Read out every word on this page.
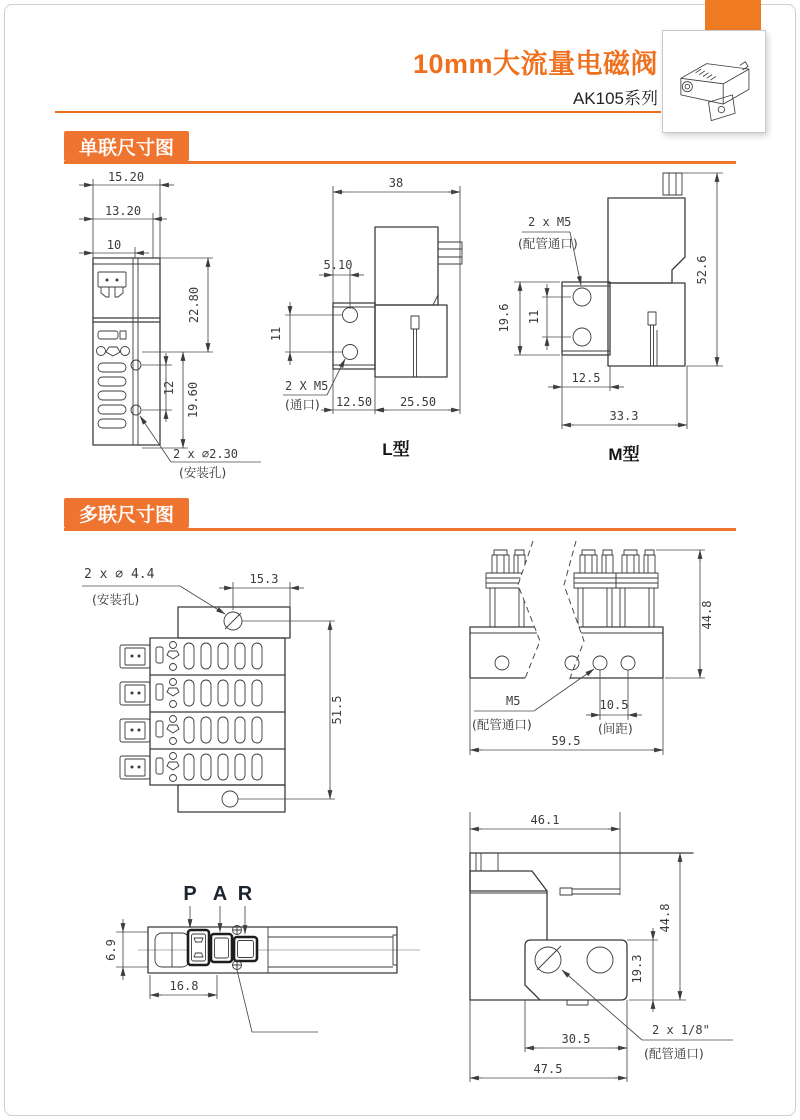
10mm大流量电磁阀
AK105系列
单联尺寸图
15.20
13.20
10
22.80
19.60
12
2 x ∅2.30
(安装孔)
38
5.10
11
2 X M5
(通口) 12.50 25.50
L型
52.6
19.6 11
2 x M5
(配管通口)
12.5
33.3
M型
多联尺寸图
2 x ∅ 4.4
(安装孔)
15.3
51.5
44.8
M5
(配管通口)
10.5
(间距)
59.5
P A R
6.9
16.8
46.1
44.8
19.3
30.5
47.5
2 x 1/8"
(配管通口)
